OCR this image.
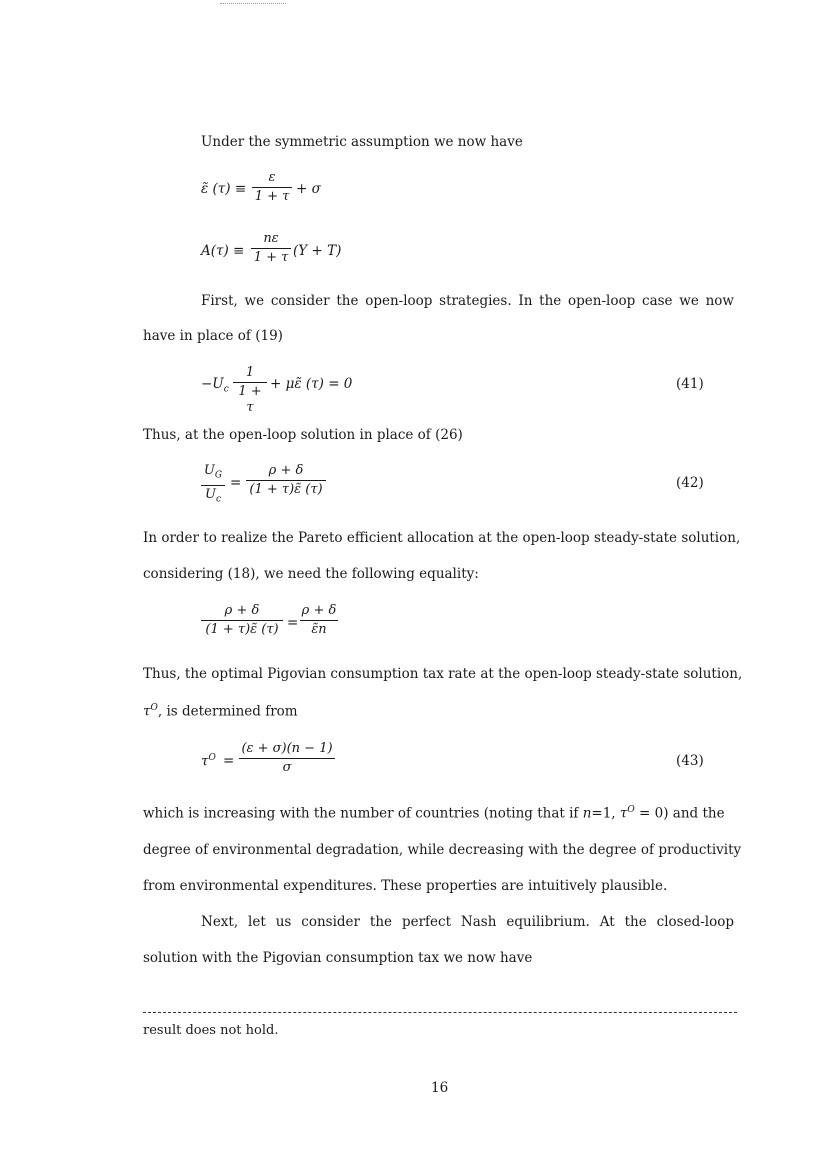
Under the symmetric assumption we now have
ε̃ (τ) ≡
ε
1 + τ + σ
A(τ) ≡
nε
1 + τ (Y + T)
First, we consider the open-loop strategies. In the open-loop case we now
have in place of (19)
$-U_c$
1
1 + τ
+ με̃ (τ) = 0	(41)
Thus, at the open-loop solution in place of (26)
$U_G$
$U_c$
=
ρ + δ
(1 + τ)ε̃ (τ)	(42)
In order to realize the Pareto efficient allocation at the open-loop steady-state solution,
considering (18), we need the following equality:
ρ + δ
(1 + τ)ε̃ (τ) =
ρ + δ
ε̃n
Thus, the optimal Pigovian consumption tax rate at the open-loop steady-state solution,
$\tau^O$, is determined from
$\tau^O$ =
(ε + σ)(n − 1)
σ	(43)
which is increasing with the number of countries (noting that if n=1, $\tau^O = 0$) and the
degree of environmental degradation, while decreasing with the degree of productivity
from environmental expenditures. These properties are intuitively plausible.
Next, let us consider the perfect Nash equilibrium. At the closed-loop
solution with the Pigovian consumption tax we now have
result does not hold.
16
